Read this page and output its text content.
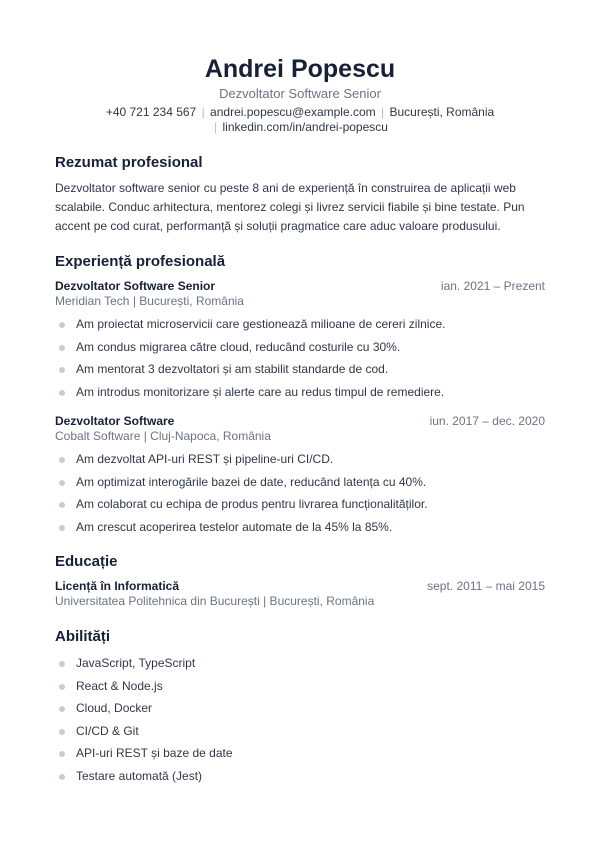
Andrei Popescu
Dezvoltator Software Senior
+40 721 234 567 | andrei.popescu@example.com | București, România | linkedin.com/in/andrei-popescu
Rezumat profesional
Dezvoltator software senior cu peste 8 ani de experiență în construirea de aplicații web scalabile. Conduc arhitectura, mentorez colegi și livrez servicii fiabile și bine testate. Pun accent pe cod curat, performanță și soluții pragmatice care aduc valoare produsului.
Experiență profesională
Dezvoltator Software Senior	ian. 2021 – Prezent
Meridian Tech | București, România
Am proiectat microservicii care gestionează milioane de cereri zilnice.
Am condus migrarea către cloud, reducând costurile cu 30%.
Am mentorat 3 dezvoltatori și am stabilit standarde de cod.
Am introdus monitorizare și alerte care au redus timpul de remediere.
Dezvoltator Software	iun. 2017 – dec. 2020
Cobalt Software | Cluj-Napoca, România
Am dezvoltat API-uri REST și pipeline-uri CI/CD.
Am optimizat interogările bazei de date, reducând latența cu 40%.
Am colaborat cu echipa de produs pentru livrarea funcționalităților.
Am crescut acoperirea testelor automate de la 45% la 85%.
Educație
Licență în Informatică	sept. 2011 – mai 2015
Universitatea Politehnica din București | București, România
Abilități
JavaScript, TypeScript
React & Node.js
Cloud, Docker
CI/CD & Git
API-uri REST și baze de date
Testare automată (Jest)
